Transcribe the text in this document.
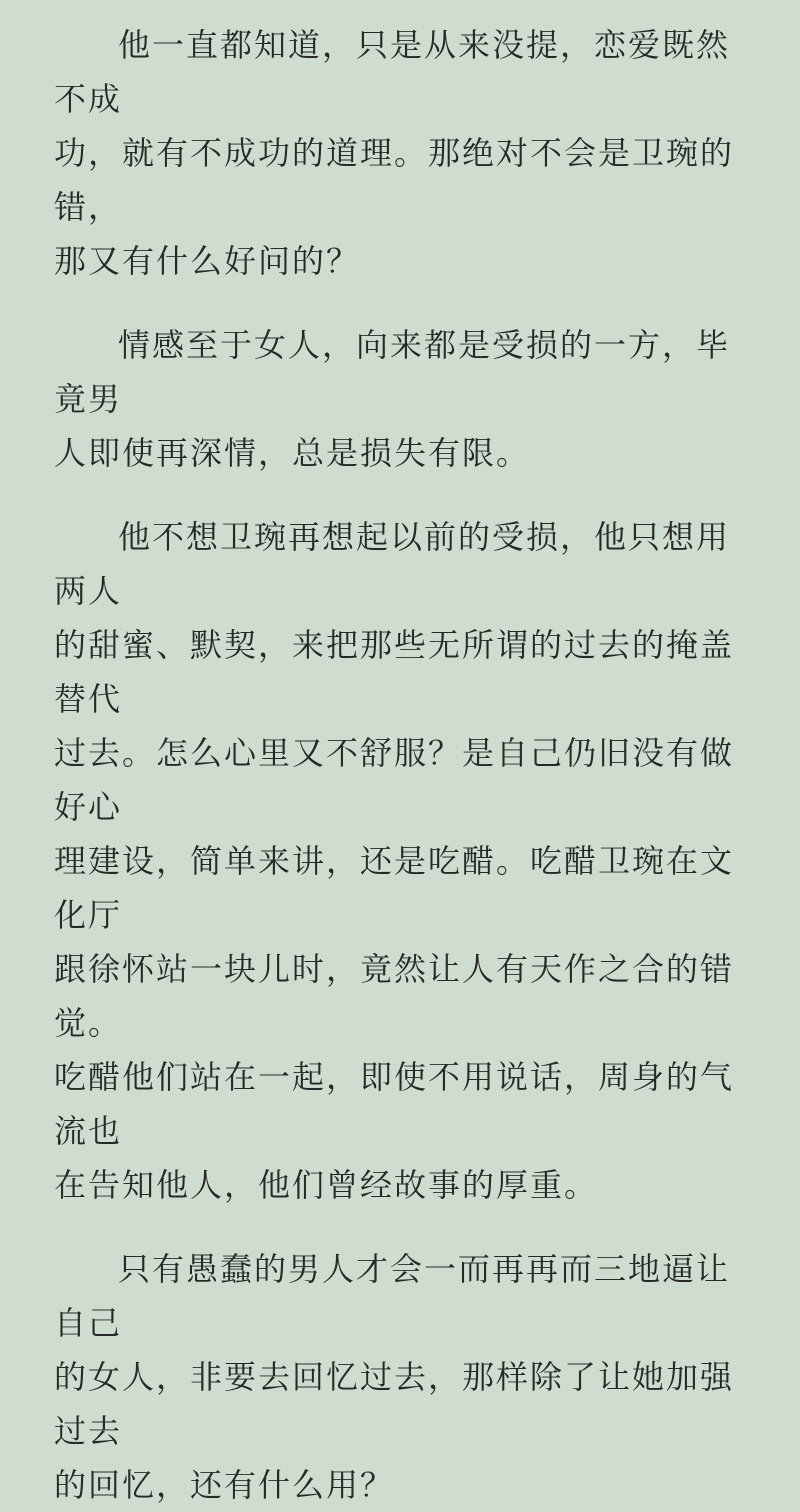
他一直都知道，只是从来没提，恋爱既然不成
功，就有不成功的道理。那绝对不会是卫琬的错，
那又有什么好问的？

情感至于女人，向来都是受损的一方，毕竟男
人即使再深情，总是损失有限。

他不想卫琬再想起以前的受损，他只想用两人
的甜蜜、默契，来把那些无所谓的过去的掩盖替代
过去。怎么心里又不舒服？是自己仍旧没有做好心
理建设，简单来讲，还是吃醋。吃醋卫琬在文化厅
跟徐怀站一块儿时，竟然让人有天作之合的错觉。
吃醋他们站在一起，即使不用说话，周身的气流也
在告知他人，他们曾经故事的厚重。

只有愚蠢的男人才会一而再再而三地逼让自己
的女人，非要去回忆过去，那样除了让她加强过去
的回忆，还有什么用？
